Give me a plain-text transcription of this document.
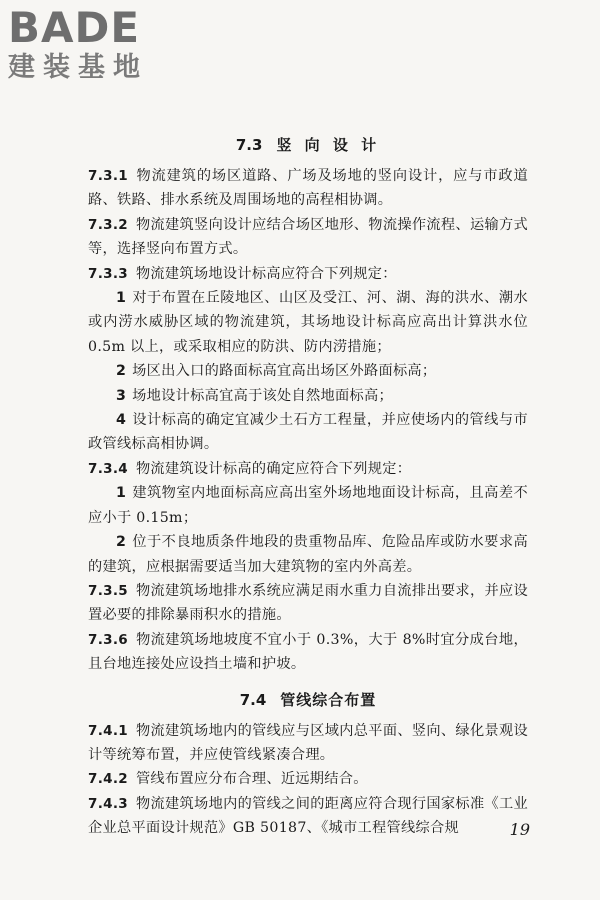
BADE
建装基地
7.3 竖 向 设 计

7.3.1 物流建筑的场区道路、广场及场地的竖向设计，应与市政道路、铁路、排水系统及周围场地的高程相协调。

7.3.2 物流建筑竖向设计应结合场区地形、物流操作流程、运输方式等，选择竖向布置方式。

7.3.3 物流建筑场地设计标高应符合下列规定：

1 对于布置在丘陵地区、山区及受江、河、湖、海的洪水、潮水或内涝水威胁区域的物流建筑，其场地设计标高应高出计算洪水位 0.5m 以上，或采取相应的防洪、防内涝措施；

2 场区出入口的路面标高宜高出场区外路面标高；

3 场地设计标高宜高于该处自然地面标高；

4 设计标高的确定宜减少土石方工程量，并应使场内的管线与市政管线标高相协调。

7.3.4 物流建筑设计标高的确定应符合下列规定：

1 建筑物室内地面标高应高出室外场地地面设计标高，且高差不应小于 0.15m；

2 位于不良地质条件地段的贵重物品库、危险品库或防水要求高的建筑，应根据需要适当加大建筑物的室内外高差。

7.3.5 物流建筑场地排水系统应满足雨水重力自流排出要求，并应设置必要的排除暴雨积水的措施。

7.3.6 物流建筑场地坡度不宜小于 0.3%，大于 8%时宜分成台地，且台地连接处应设挡土墙和护坡。

7.4 管线综合布置

7.4.1 物流建筑场地内的管线应与区域内总平面、竖向、绿化景观设计等统筹布置，并应使管线紧凑合理。

7.4.2 管线布置应分布合理、近远期结合。

7.4.3 物流建筑场地内的管线之间的距离应符合现行国家标准《工业企业总平面设计规范》GB 50187、《城市工程管线综合规	19
